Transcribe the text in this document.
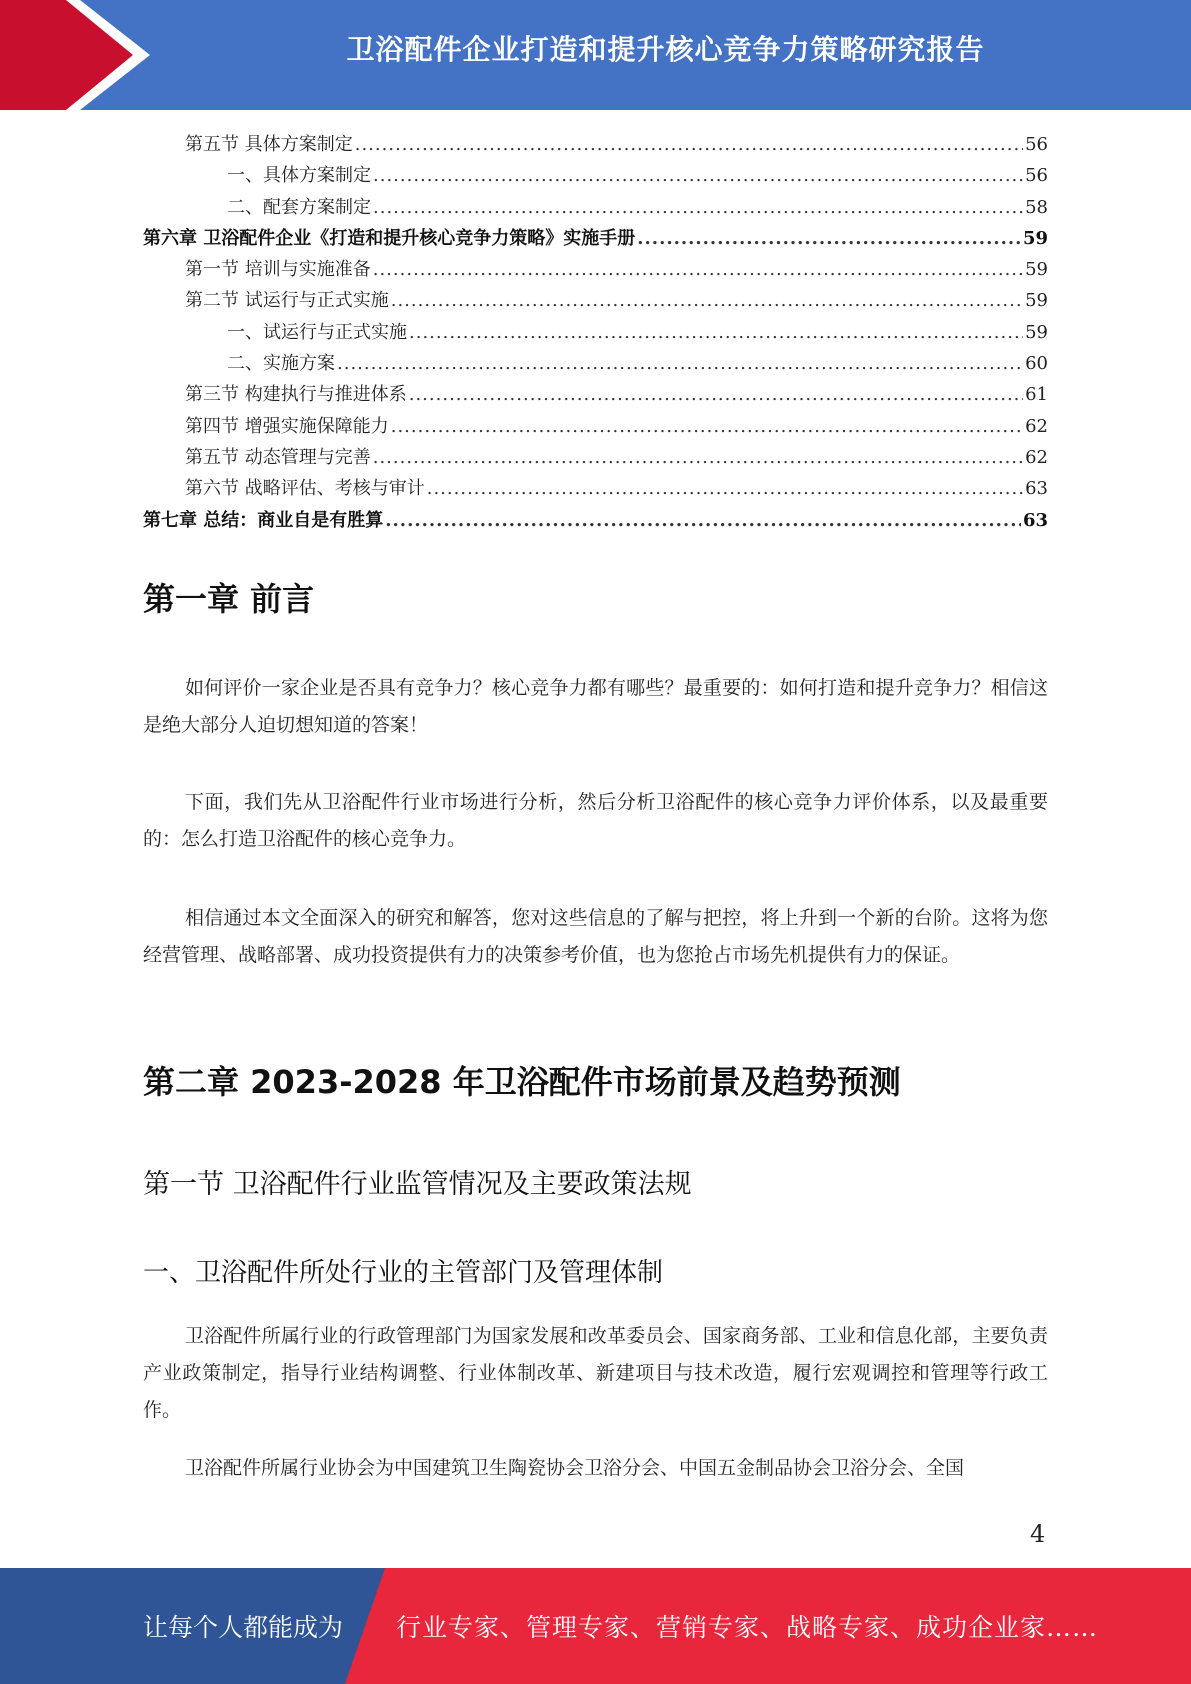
卫浴配件企业打造和提升核心竞争力策略研究报告
第五节 具体方案制定 .....	56
一、具体方案制定 .....	56
二、配套方案制定 .....	58
第六章 卫浴配件企业《打造和提升核心竞争力策略》实施手册 .....	59
第一节 培训与实施准备 .....	59
第二节 试运行与正式实施 .....	59
一、试运行与正式实施 .....	59
二、实施方案 .....	60
第三节 构建执行与推进体系 .....	61
第四节 增强实施保障能力 .....	62
第五节 动态管理与完善 .....	62
第六节 战略评估、考核与审计 .....	63
第七章 总结：商业自是有胜算 .....	63
第一章 前言

如何评价一家企业是否具有竞争力？核心竞争力都有哪些？最重要的：如何打造和提升竞争力？相信这是绝大部分人迫切想知道的答案！

下面，我们先从卫浴配件行业市场进行分析，然后分析卫浴配件的核心竞争力评价体系，以及最重要的：怎么打造卫浴配件的核心竞争力。

相信通过本文全面深入的研究和解答，您对这些信息的了解与把控，将上升到一个新的台阶。这将为您经营管理、战略部署、成功投资提供有力的决策参考价值，也为您抢占市场先机提供有力的保证。

第二章 2023-2028 年卫浴配件市场前景及趋势预测
第一节 卫浴配件行业监管情况及主要政策法规
一、卫浴配件所处行业的主管部门及管理体制

卫浴配件所属行业的行政管理部门为国家发展和改革委员会、国家商务部、工业和信息化部，主要负责产业政策制定，指导行业结构调整、行业体制改革、新建项目与技术改造，履行宏观调控和管理等行政工作。

卫浴配件所属行业协会为中国建筑卫生陶瓷协会卫浴分会、中国五金制品协会卫浴分会、全国

4
让每个人都能成为 行业专家、管理专家、营销专家、战略专家、成功企业家……
